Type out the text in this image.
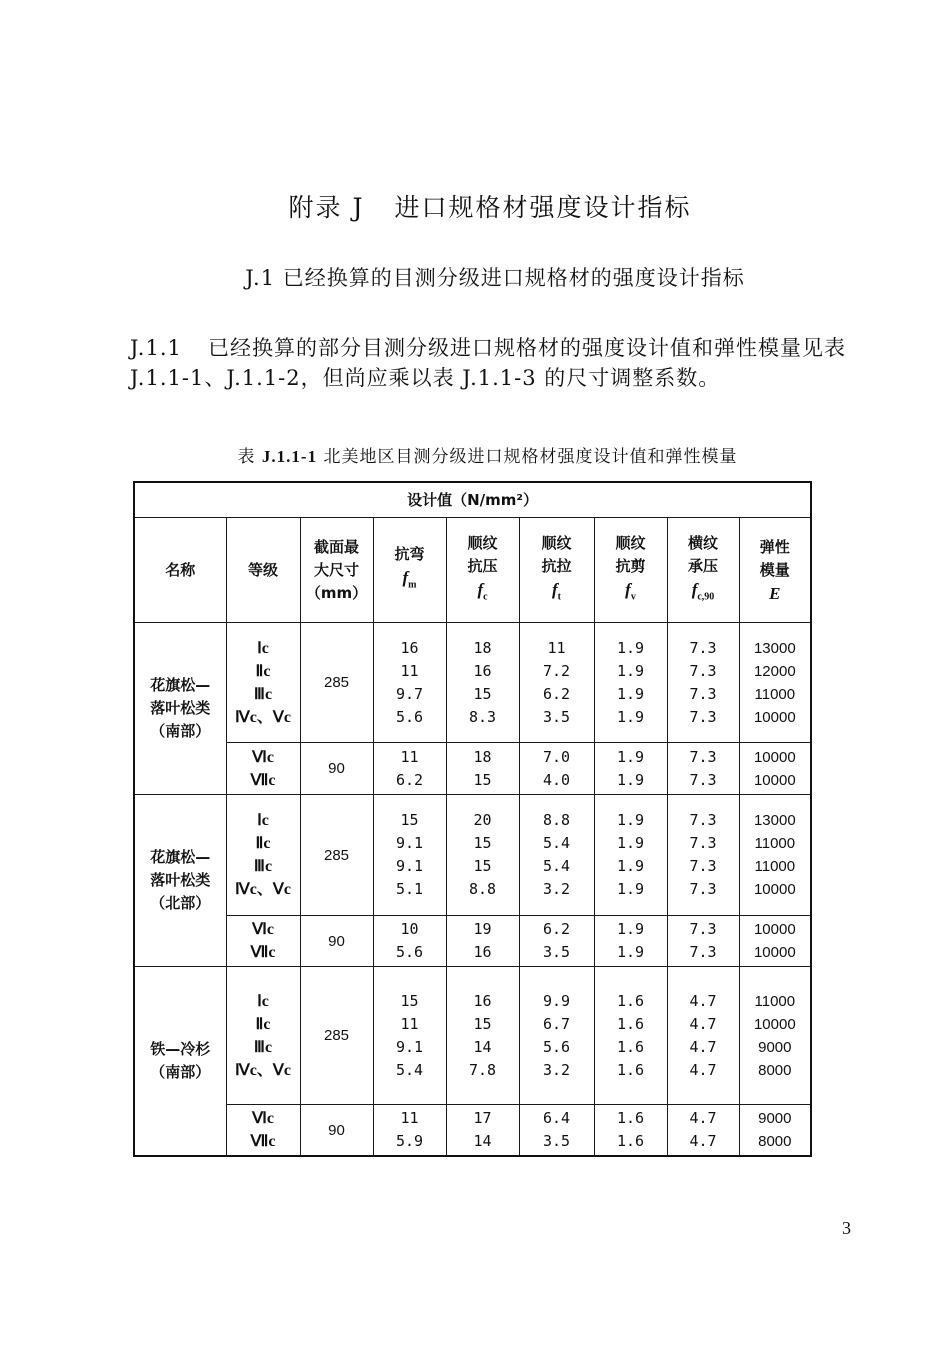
附录 J 进口规格材强度设计指标
J.1 已经换算的目测分级进口规格材的强度设计指标
J.1.1 已经换算的部分目测分级进口规格材的强度设计值和弹性模量见表 J.1.1-1、J.1.1-2，但尚应乘以表 J.1.1-3 的尺寸调整系数。
表 J.1.1-1 北美地区目测分级进口规格材强度设计值和弹性模量
设计值（N/mm²）								

名称	等级	截面最
大尺寸
（mm）	抗弯
$f_m$	顺纹
抗压
$f_c$	顺纹
抗拉
$f_t$	顺纹
抗剪
$f_v$	横纹
承压
$f_{c,90}$	弹性
模量
E

花旗松—
落叶松类
（南部）	Ⅰc
Ⅱc
Ⅲc
Ⅳc、Ⅴc	285	16
11
9.7
5.6	18
16
15
8.3	11
7.2
6.2
3.5	1.9
1.9
1.9
1.9	7.3
7.3
7.3
7.3	13000
12000
11000
10000

	Ⅵc
Ⅶc	90	11
6.2	18
15	7.0
4.0	1.9
1.9	7.3
7.3	10000
10000

花旗松—
落叶松类
（北部）	Ⅰc
Ⅱc
Ⅲc
Ⅳc、Ⅴc	285	15
9.1
9.1
5.1	20
15
15
8.8	8.8
5.4
5.4
3.2	1.9
1.9
1.9
1.9	7.3
7.3
7.3
7.3	13000
11000
11000
10000

	Ⅵc
Ⅶc	90	10
5.6	19
16	6.2
3.5	1.9
1.9	7.3
7.3	10000
10000

铁—冷杉
（南部）	Ⅰc
Ⅱc
Ⅲc
Ⅳc、Ⅴc	285	15
11
9.1
5.4	16
15
14
7.8	9.9
6.7
5.6
3.2	1.6
1.6
1.6
1.6	4.7
4.7
4.7
4.7	11000
10000
9000
8000

	Ⅵc
Ⅶc	90	11
5.9	17
14	6.4
3.5	1.6
1.6	4.7
4.7	9000
8000
3
